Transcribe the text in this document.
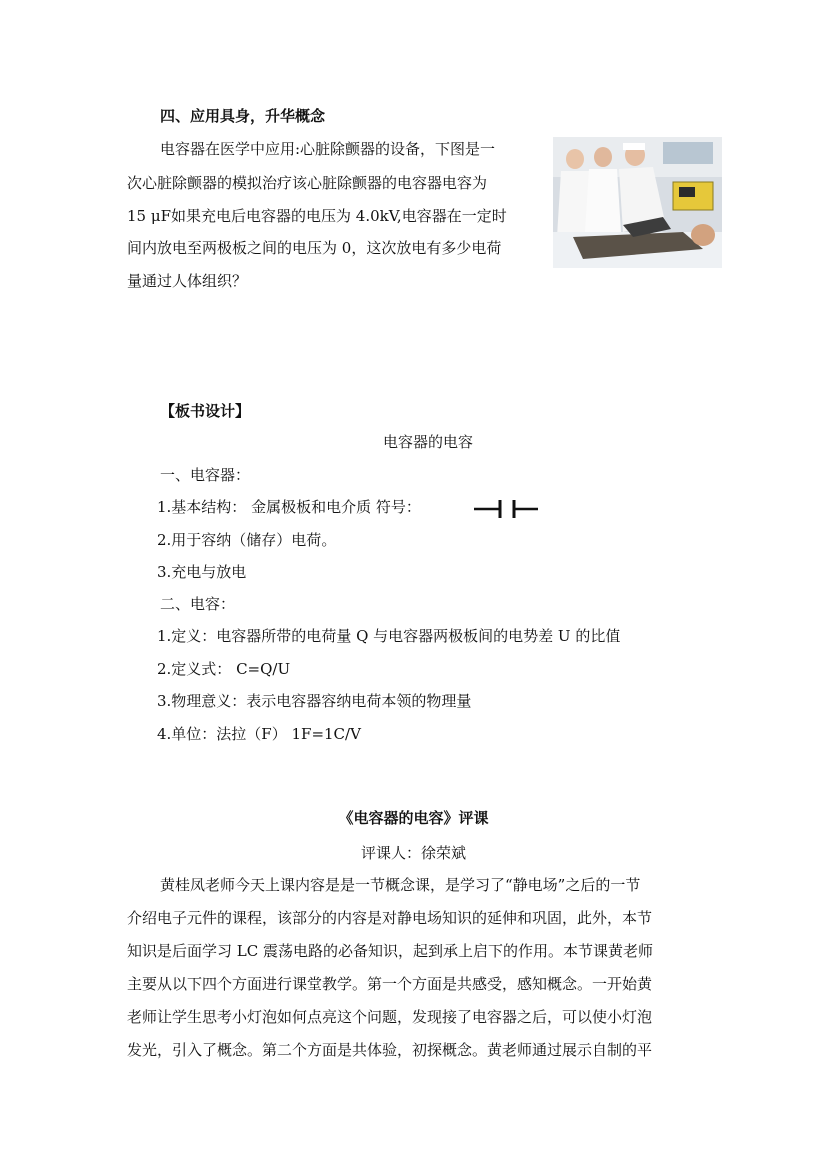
四、应用具身，升华概念
电容器在医学中应用:心脏除颤器的设备，下图是一
次心脏除颤器的模拟治疗该心脏除颤器的电容器电容为
15 μF如果充电后电容器的电压为 4.0kV,电容器在一定时
间内放电至两极板之间的电压为 0，这次放电有多少电荷
量通过人体组织？
【板书设计】
电容器的电容
一、电容器：
1.基本结构： 金属极板和电介质 符号：
2.用于容纳（储存）电荷。
3.充电与放电
二、电容：
1.定义：电容器所带的电荷量 Q 与电容器两极板间的电势差 U 的比值
2.定义式： C=Q/U
3.物理意义：表示电容器容纳电荷本领的物理量
4.单位：法拉（F） 1F=1C/V
《电容器的电容》评课
评课人：徐荣斌
黄桂凤老师今天上课内容是是一节概念课，是学习了“静电场”之后的一节
介绍电子元件的课程，该部分的内容是对静电场知识的延伸和巩固，此外，本节
知识是后面学习 LC 震荡电路的必备知识，起到承上启下的作用。本节课黄老师
主要从以下四个方面进行课堂教学。第一个方面是共感受，感知概念。一开始黄
老师让学生思考小灯泡如何点亮这个问题，发现接了电容器之后，可以使小灯泡
发光，引入了概念。第二个方面是共体验，初探概念。黄老师通过展示自制的平
